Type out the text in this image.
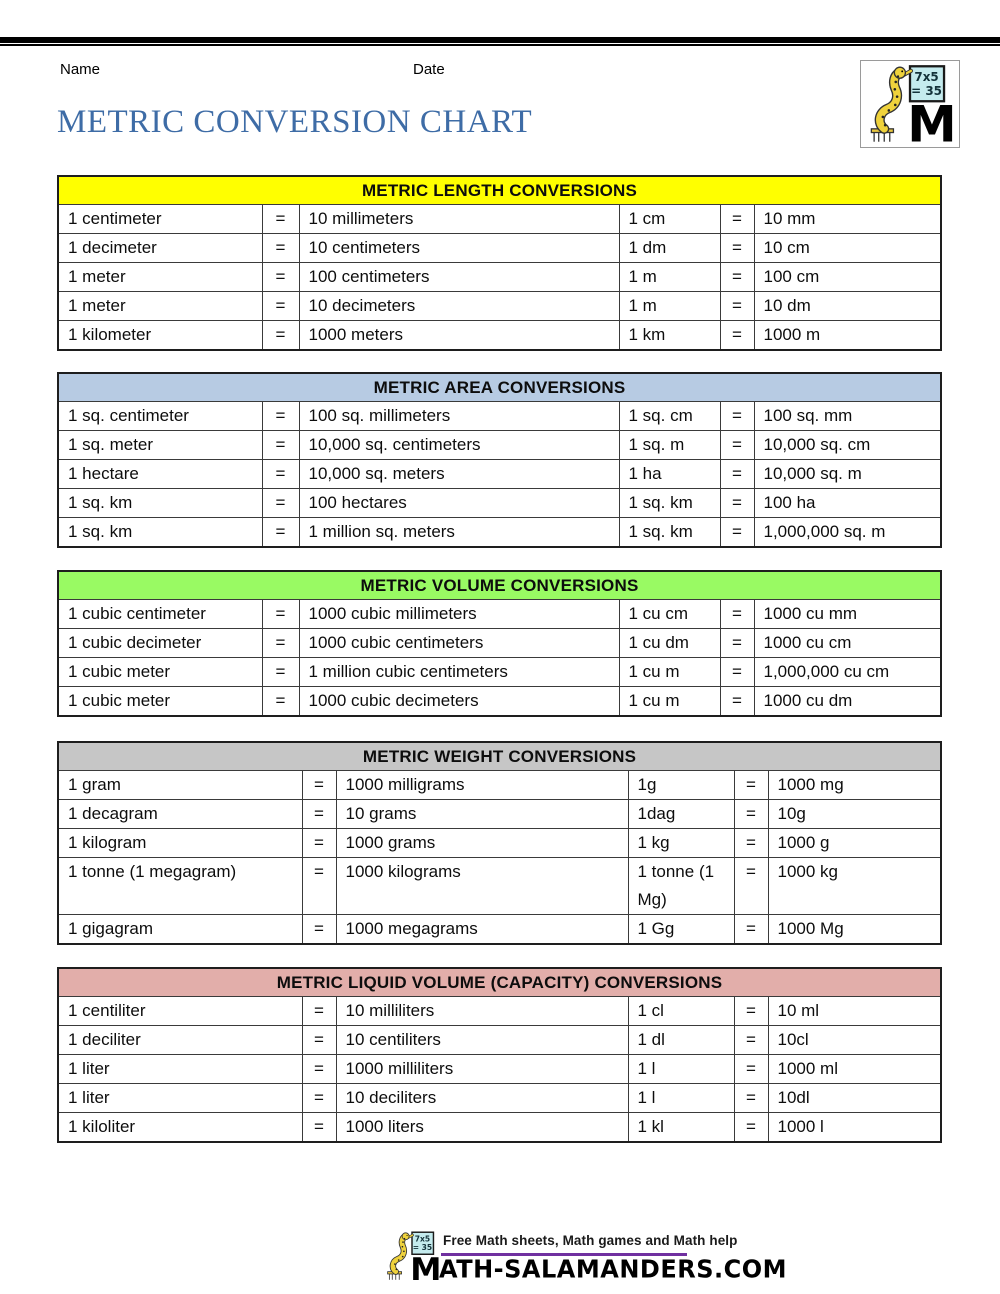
Name	Date
METRIC CONVERSION CHART
METRIC LENGTH CONVERSIONS					
1 centimeter	=	10 millimeters	1 cm	=	10 mm
1 decimeter	=	10 centimeters	1 dm	=	10 cm
1 meter	=	100 centimeters	1 m	=	100 cm
1 meter	=	10 decimeters	1 m	=	10 dm
1 kilometer	=	1000 meters	1 km	=	1000 m
METRIC AREA CONVERSIONS					
1 sq. centimeter	=	100 sq. millimeters	1 sq. cm	=	100 sq. mm
1 sq. meter	=	10,000 sq. centimeters	1 sq. m	=	10,000 sq. cm
1 hectare	=	10,000 sq. meters	1 ha	=	10,000 sq. m
1 sq. km	=	100 hectares	1 sq. km	=	100 ha
1 sq. km	=	1 million sq. meters	1 sq. km	=	1,000,000 sq. m
METRIC VOLUME CONVERSIONS					
1 cubic centimeter	=	1000 cubic millimeters	1 cu cm	=	1000 cu mm
1 cubic decimeter	=	1000 cubic centimeters	1 cu dm	=	1000 cu cm
1 cubic meter	=	1 million cubic centimeters	1 cu m	=	1,000,000 cu cm
1 cubic meter	=	1000 cubic decimeters	1 cu m	=	1000 cu dm
METRIC WEIGHT CONVERSIONS					
1 gram	=	1000 milligrams	1g	=	1000 mg
1 decagram	=	10 grams	1dag	=	10g
1 kilogram	=	1000 grams	1 kg	=	1000 g
1 tonne (1 megagram)	=	1000 kilograms	1 tonne (1 Mg)	=	1000 kg
1 gigagram	=	1000 megagrams	1 Gg	=	1000 Mg
METRIC LIQUID VOLUME (CAPACITY) CONVERSIONS					
1 centiliter	=	10 milliliters	1 cl	=	10 ml
1 deciliter	=	10 centiliters	1 dl	=	10cl
1 liter	=	1000 milliliters	1 l	=	1000 ml
1 liter	=	10 deciliters	1 l	=	10dl
1 kiloliter	=	1000 liters	1 kl	=	1000 l
Free Math sheets, Math games and Math help
ATH-SALAMANDERS.COM
